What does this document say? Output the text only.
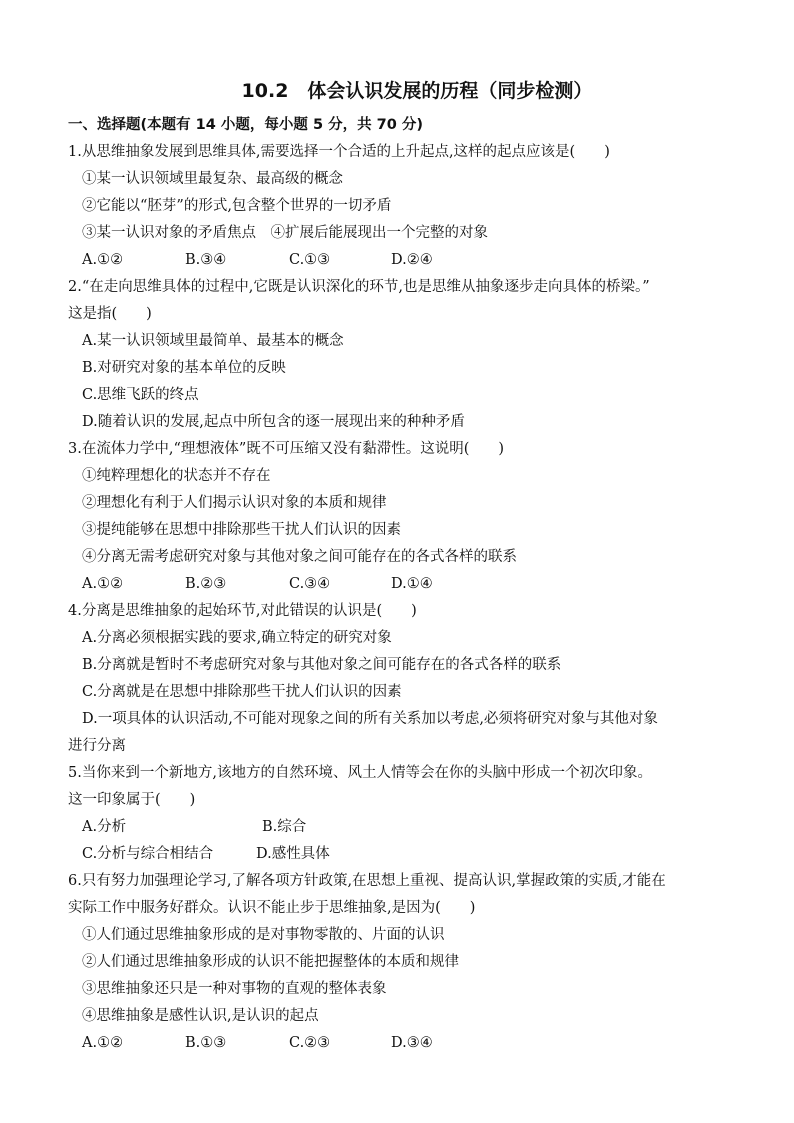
10.2　体会认识发展的历程（同步检测）

一、选择题(本题有 14 小题，每小题 5 分，共 70 分)

1.从思维抽象发展到思维具体,需要选择一个合适的上升起点,这样的起点应该是(　　)

①某一认识领域里最复杂、最高级的概念

②它能以“胚芽”的形式,包含整个世界的一切矛盾

③某一认识对象的矛盾焦点　④扩展后能展现出一个完整的对象

A.①②	B.③④	C.①③	D.②④

2.“在走向思维具体的过程中,它既是认识深化的环节,也是思维从抽象逐步走向具体的桥梁。”

这是指(　　)

A.某一认识领域里最简单、最基本的概念

B.对研究对象的基本单位的反映

C.思维飞跃的终点

D.随着认识的发展,起点中所包含的逐一展现出来的种种矛盾

3.在流体力学中,“理想液体”既不可压缩又没有黏滞性。这说明(　　)

①纯粹理想化的状态并不存在

②理想化有利于人们揭示认识对象的本质和规律

③提纯能够在思想中排除那些干扰人们认识的因素

④分离无需考虑研究对象与其他对象之间可能存在的各式各样的联系

A.①②	B.②③	C.③④	D.①④

4.分离是思维抽象的起始环节,对此错误的认识是(　　)

A.分离必须根据实践的要求,确立特定的研究对象

B.分离就是暂时不考虑研究对象与其他对象之间可能存在的各式各样的联系

C.分离就是在思想中排除那些干扰人们认识的因素

D.一项具体的认识活动,不可能对现象之间的所有关系加以考虑,必须将研究对象与其他对象

进行分离

5.当你来到一个新地方,该地方的自然环境、风土人情等会在你的头脑中形成一个初次印象。

这一印象属于(　　)

A.分析	B.综合
C.分析与综合相结合	D.感性具体

6.只有努力加强理论学习,了解各项方针政策,在思想上重视、提高认识,掌握政策的实质,才能在

实际工作中服务好群众。认识不能止步于思维抽象,是因为(　　)

①人们通过思维抽象形成的是对事物零散的、片面的认识

②人们通过思维抽象形成的认识不能把握整体的本质和规律

③思维抽象还只是一种对事物的直观的整体表象

④思维抽象是感性认识,是认识的起点

A.①②	B.①③	C.②③	D.③④
